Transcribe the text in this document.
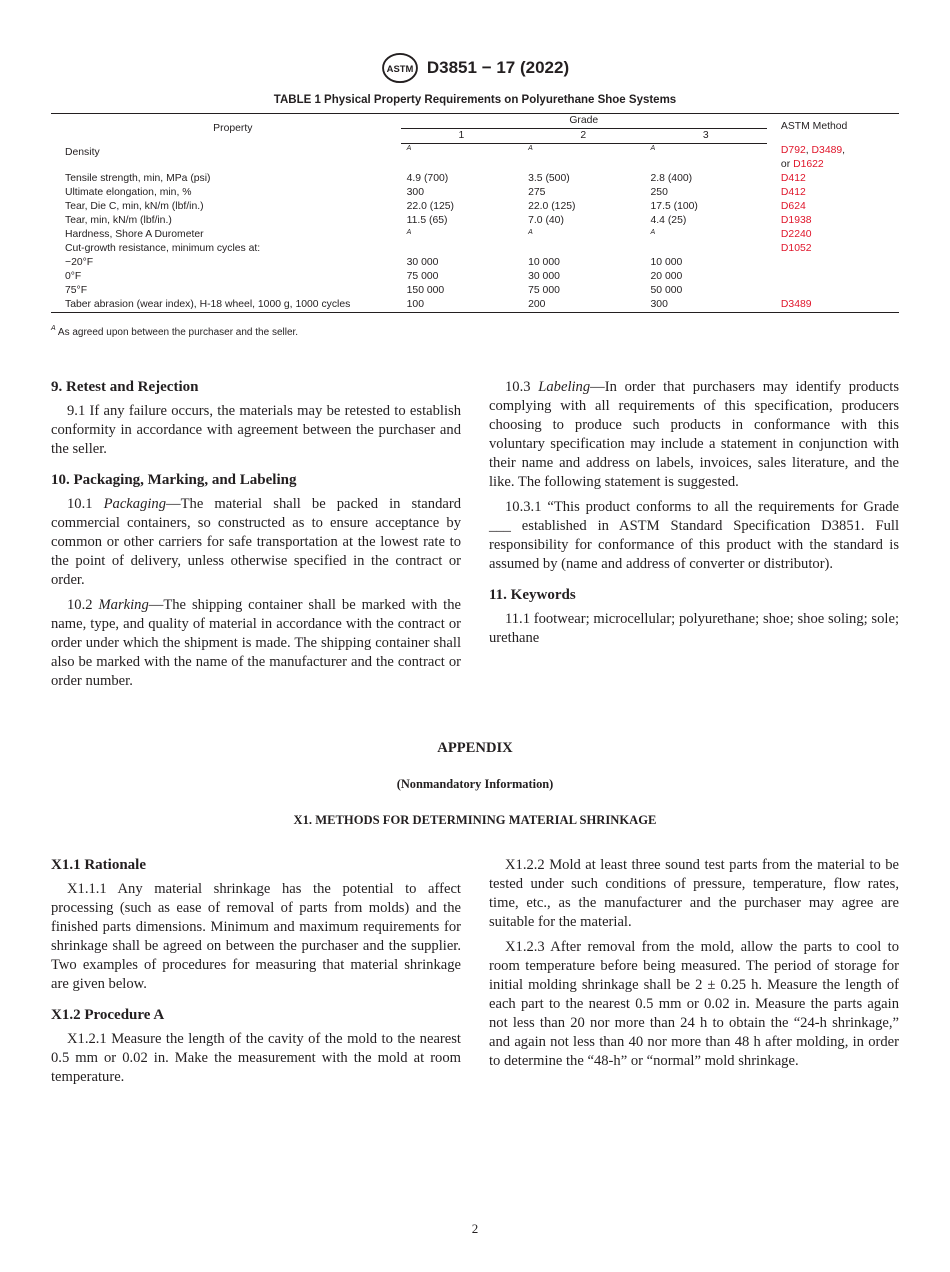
ASTM D3851 − 17 (2022)
TABLE 1 Physical Property Requirements on Polyurethane Shoe Systems
Property	Grade			ASTM Method
	1	2	3	
Density	$^A$	$^A$	$^A$	D792, D3489,
or D1622
Tensile strength, min, MPa (psi)	4.9 (700)	3.5 (500)	2.8 (400)	D412
Ultimate elongation, min, %	300	275	250	D412
Tear, Die C, min, kN/m (lbf/in.)	22.0 (125)	22.0 (125)	17.5 (100)	D624
Tear, min, kN/m (lbf/in.)	11.5 (65)	7.0 (40)	4.4 (25)	D1938
Hardness, Shore A Durometer	$^A$	$^A$	$^A$	D2240
Cut-growth resistance, minimum cycles at:				D1052
−20°F	30 000	10 000	10 000	
0°F	75 000	30 000	20 000	
75°F	150 000	75 000	50 000	
Taber abrasion (wear index), H-18 wheel, 1000 g, 1000 cycles	100	200	300	D3489
$^A$ As agreed upon between the purchaser and the seller.
9. Retest and Rejection

9.1 If any failure occurs, the materials may be retested to establish conformity in accordance with agreement between the purchaser and the seller.

10. Packaging, Marking, and Labeling

10.1 Packaging—The material shall be packed in standard commercial containers, so constructed as to ensure acceptance by common or other carriers for safe transportation at the lowest rate to the point of delivery, unless otherwise specified in the contract or order.

10.2 Marking—The shipping container shall be marked with the name, type, and quality of material in accordance with the contract or order under which the shipment is made. The shipping container shall also be marked with the name of the manufacturer and the contract or order number.

10.3 Labeling—In order that purchasers may identify products complying with all requirements of this specification, producers choosing to produce such products in conformance with this voluntary specification may include a statement in conjunction with their name and address on labels, invoices, sales literature, and the like. The following statement is suggested.

10.3.1 “This product conforms to all the requirements for Grade ___ established in ASTM Standard Specification D3851. Full responsibility for conformance of this product with the standard is assumed by (name and address of converter or distributor).

11. Keywords

11.1 footwear; microcellular; polyurethane; shoe; shoe soling; sole; urethane

APPENDIX
(Nonmandatory Information)
X1. METHODS FOR DETERMINING MATERIAL SHRINKAGE
X1.1 Rationale

X1.1.1 Any material shrinkage has the potential to affect processing (such as ease of removal of parts from molds) and the finished parts dimensions. Minimum and maximum requirements for shrinkage shall be agreed on between the purchaser and the supplier. Two examples of procedures for measuring that material shrinkage are given below.

X1.2 Procedure A

X1.2.1 Measure the length of the cavity of the mold to the nearest 0.5 mm or 0.02 in. Make the measurement with the mold at room temperature.

X1.2.2 Mold at least three sound test parts from the material to be tested under such conditions of pressure, temperature, flow rates, time, etc., as the manufacturer and the purchaser may agree are suitable for the material.

X1.2.3 After removal from the mold, allow the parts to cool to room temperature before being measured. The period of storage for initial molding shrinkage shall be 2 ± 0.25 h. Measure the length of each part to the nearest 0.5 mm or 0.02 in. Measure the parts again not less than 20 nor more than 24 h to obtain the “24-h shrinkage,” and again not less than 40 nor more than 48 h after molding, in order to determine the “48-h” or “normal” mold shrinkage.

2
